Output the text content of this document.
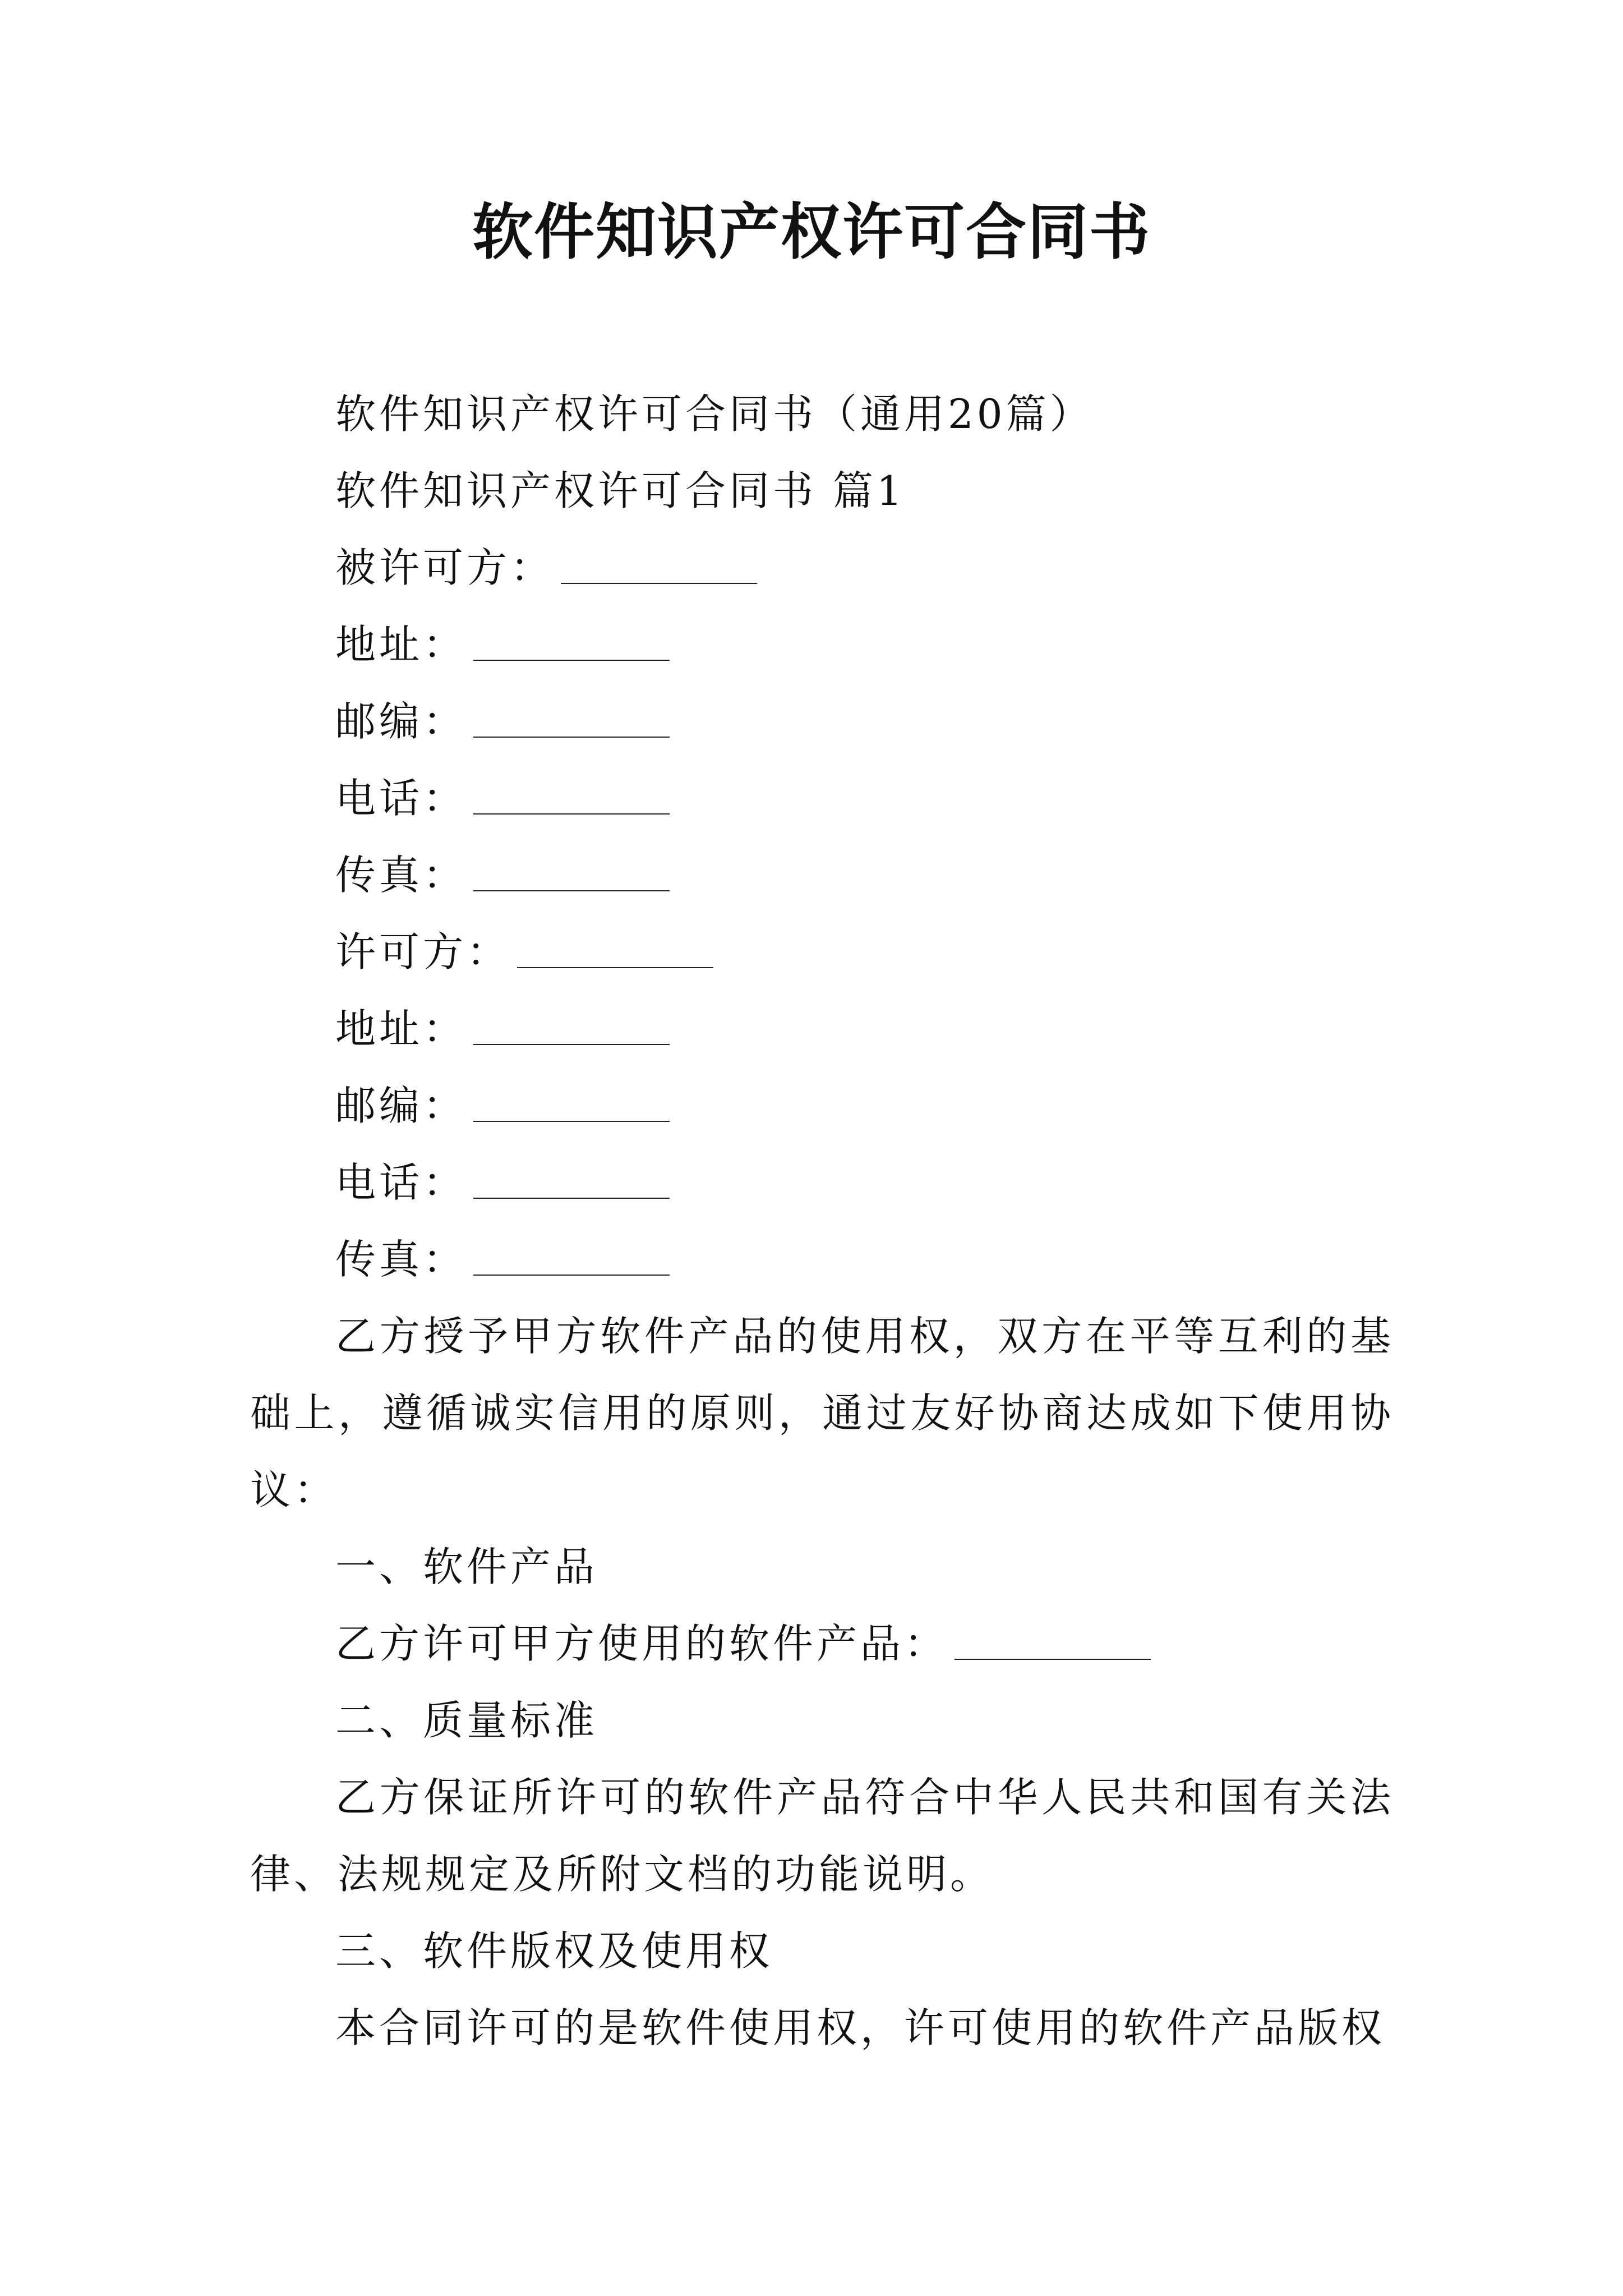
软件知识产权许可合同书
软件知识产权许可合同书（通用20篇）
软件知识产权许可合同书 篇1
被许可方：
地址：
邮编：
电话：
传真：
许可方：
地址：
邮编：
电话：
传真：
乙方授予甲方软件产品的使用权，双方在平等互利的基础上，遵循诚实信用的原则，通过友好协商达成如下使用协议：
一、软件产品
乙方许可甲方使用的软件产品：
二、质量标准
乙方保证所许可的软件产品符合中华人民共和国有关法律、法规规定及所附文档的功能说明。
三、软件版权及使用权
本合同许可的是软件使用权，许可使用的软件产品版权
